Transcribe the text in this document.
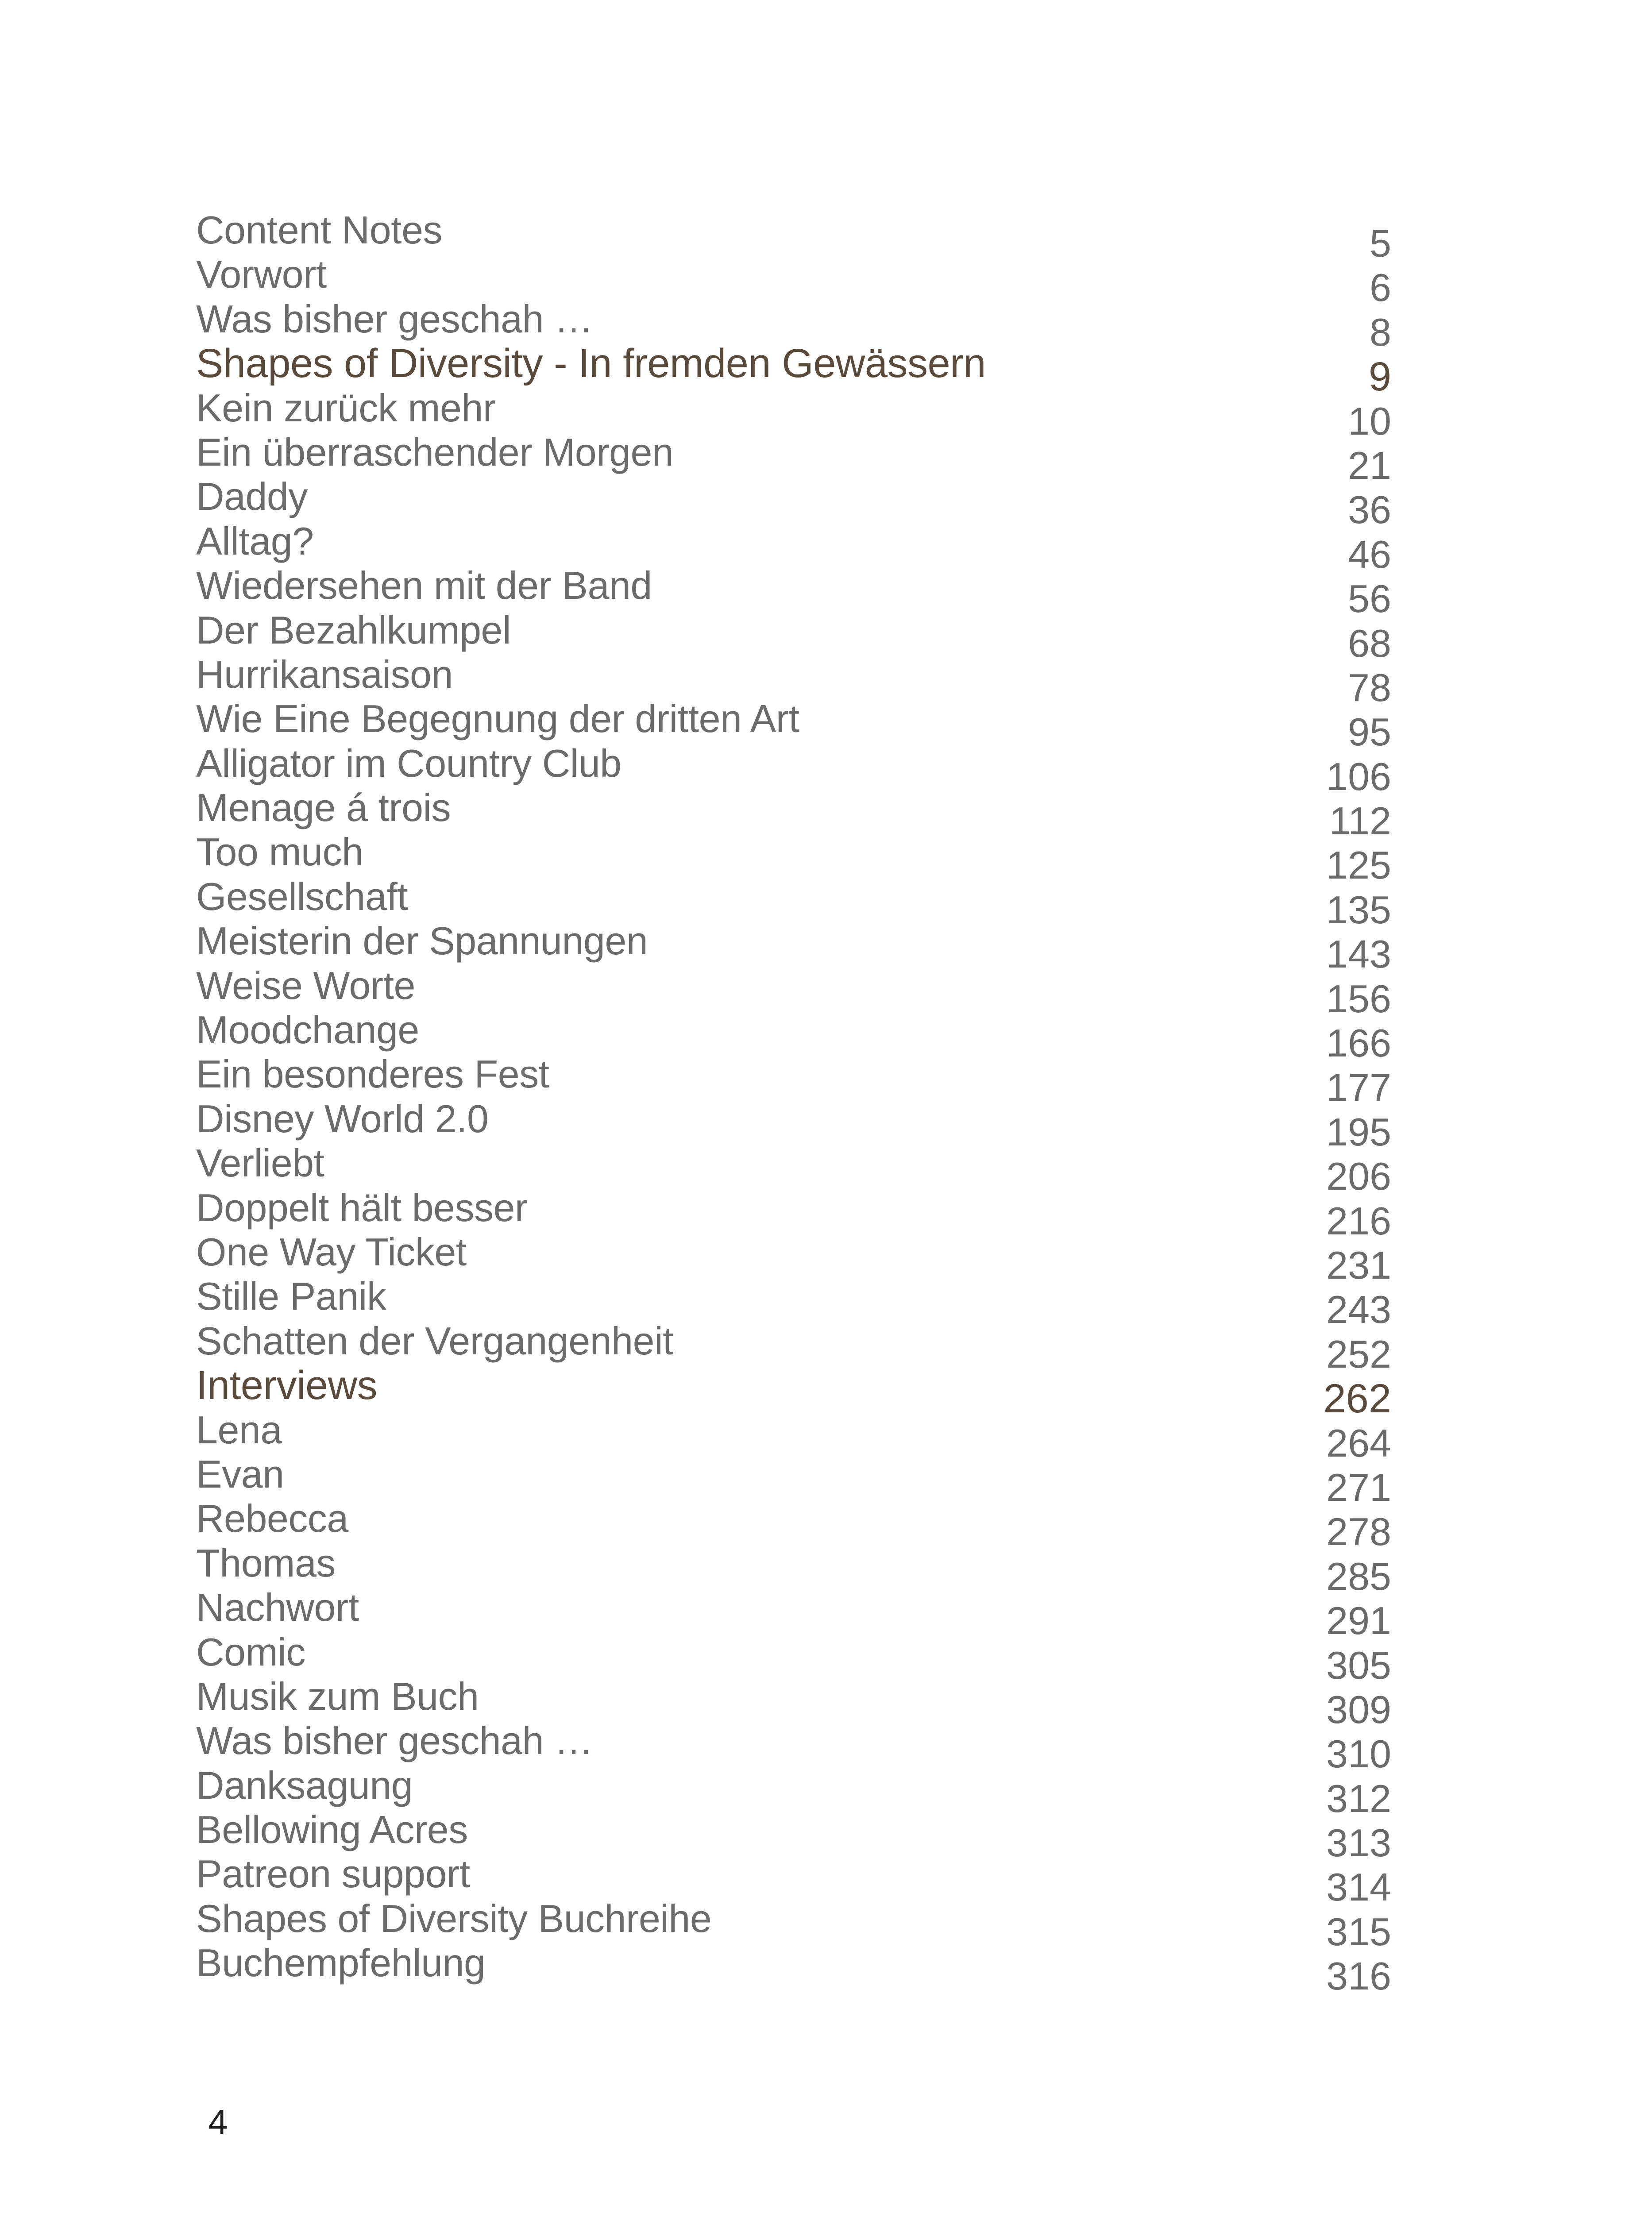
Content Notes	5
Vorwort	6
Was bisher geschah …	8
Shapes of Diversity - In fremden Gewässern	9
Kein zurück mehr	10
Ein überraschender Morgen	21
Daddy	36
Alltag?	46
Wiedersehen mit der Band	56
Der Bezahlkumpel	68
Hurrikansaison	78
Wie Eine Begegnung der dritten Art	95
Alligator im Country Club	106
Menage á trois	112
Too much	125
Gesellschaft	135
Meisterin der Spannungen	143
Weise Worte	156
Moodchange	166
Ein besonderes Fest	177
Disney World 2.0	195
Verliebt	206
Doppelt hält besser	216
One Way Ticket	231
Stille Panik	243
Schatten der Vergangenheit	252
Interviews	262
Lena	264
Evan	271
Rebecca	278
Thomas	285
Nachwort	291
Comic	305
Musik zum Buch	309
Was bisher geschah …	310
Danksagung	312
Bellowing Acres	313
Patreon support	314
Shapes of Diversity Buchreihe	315
Buchempfehlung	316
4
